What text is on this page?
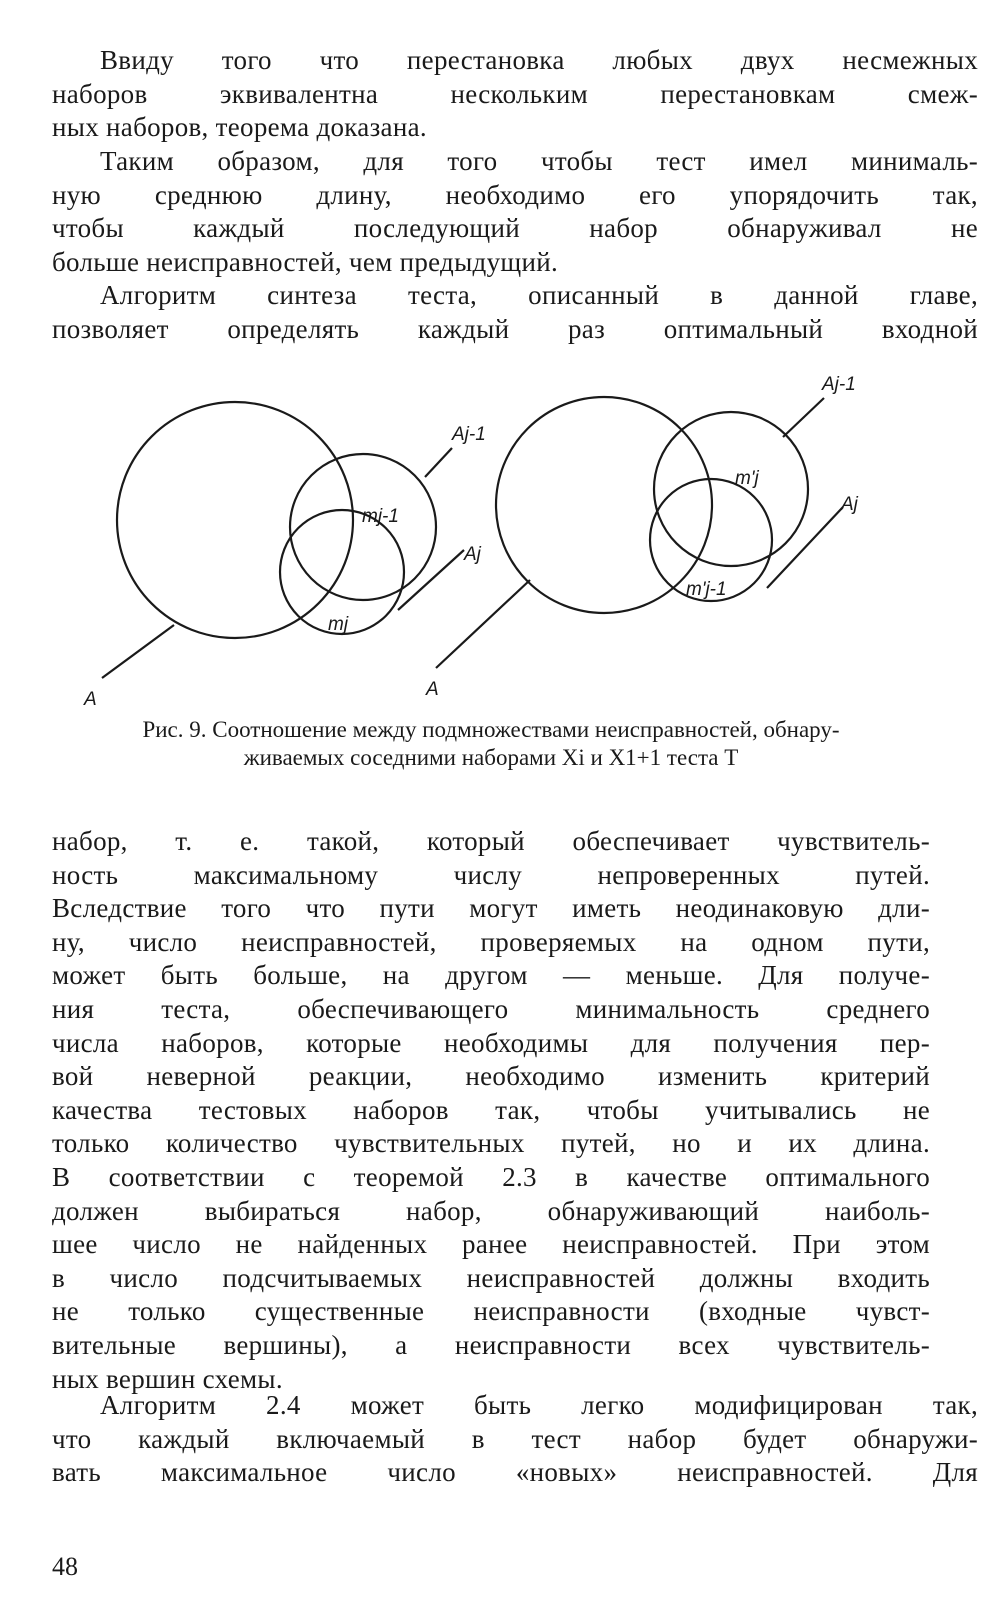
Ввиду того что перестановка любых двух несмежных
наборов эквивалентна нескольким перестановкам смеж-
ных наборов, теорема доказана.

Таким образом, для того чтобы тест имел минималь-
ную среднюю длину, необходимо его упорядочить так,
чтобы каждый последующий набор обнаруживал не
больше неисправностей, чем предыдущий.

Алгоритм синтеза теста, описанный в данной главе,
позволяет определять каждый раз оптимальный входной

A
Aj-1
Aj
mj-1
mj
A
Aj-1
Aj
m'j
m'j-1

Рис. 9. Соотношение между подмножествами неисправностей, обнару-
живаемых соседними наборами Xi и X1+1 теста T

набор, т. е. такой, который обеспечивает чувствитель-
ность максимальному числу непроверенных путей.
Вследствие того что пути могут иметь неодинаковую дли-
ну, число неисправностей, проверяемых на одном пути,
может быть больше, на другом — меньше. Для получе-
ния теста, обеспечивающего минимальность среднего
числа наборов, которые необходимы для получения пер-
вой неверной реакции, необходимо изменить критерий
качества тестовых наборов так, чтобы учитывались не
только количество чувствительных путей, но и их длина.
В соответствии с теоремой 2.3 в качестве оптимального
должен выбираться набор, обнаруживающий наиболь-
шее число не найденных ранее неисправностей. При этом
в число подсчитываемых неисправностей должны входить
не только существенные неисправности (входные чувст-
вительные вершины), а неисправности всех чувствитель-
ных вершин схемы.

Алгоритм 2.4 может быть легко модифицирован так,
что каждый включаемый в тест набор будет обнаружи-
вать максимальное число «новых» неисправностей. Для

48
